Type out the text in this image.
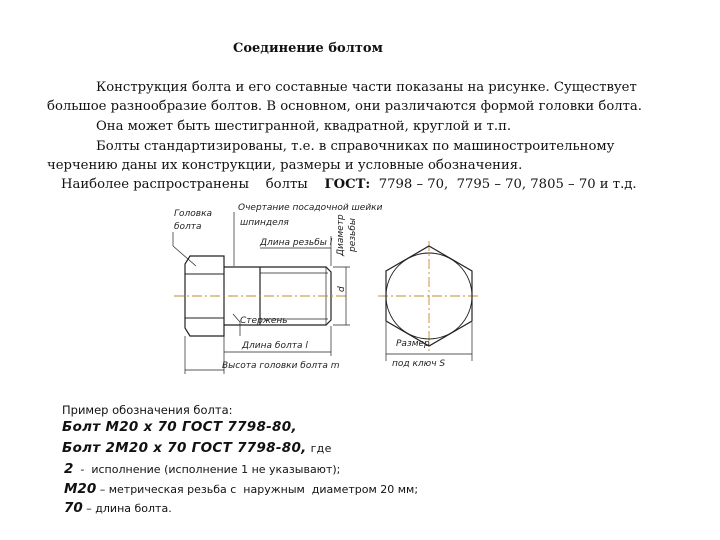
Соединение болтом
Конструкция болта и его составные части показаны на рисунке. Существует
большое разнообразие болтов. В основном, они различаются формой головки болта.
Она может быть шестигранной, квадратной, круглой и т.п.
Болты стандартизированы, т.е. в справочниках по машиностроительному
черчению даны их конструкции, размеры и условные обозначения.
Наиболее распространены    болты    ГОСТ:  7798 – 70,  7795 – 70, 7805 – 70 и т.д.
Головка
болта
Очертание посадочной шейки
шпинделя
Длина резьбы l Диаметр резьбы
d
Стержень
Длина болта l
Высота головки болта m
Размер
под ключ S
Пример обозначения болта:
Болт М20 х 70 ГОСТ 7798-80,
Болт 2М20 х 70 ГОСТ 7798-80, где
2  -  исполнение (исполнение 1 не указывают);
М20 – метрическая резьба с  наружным  диаметром 20 мм;
70 – длина болта.
